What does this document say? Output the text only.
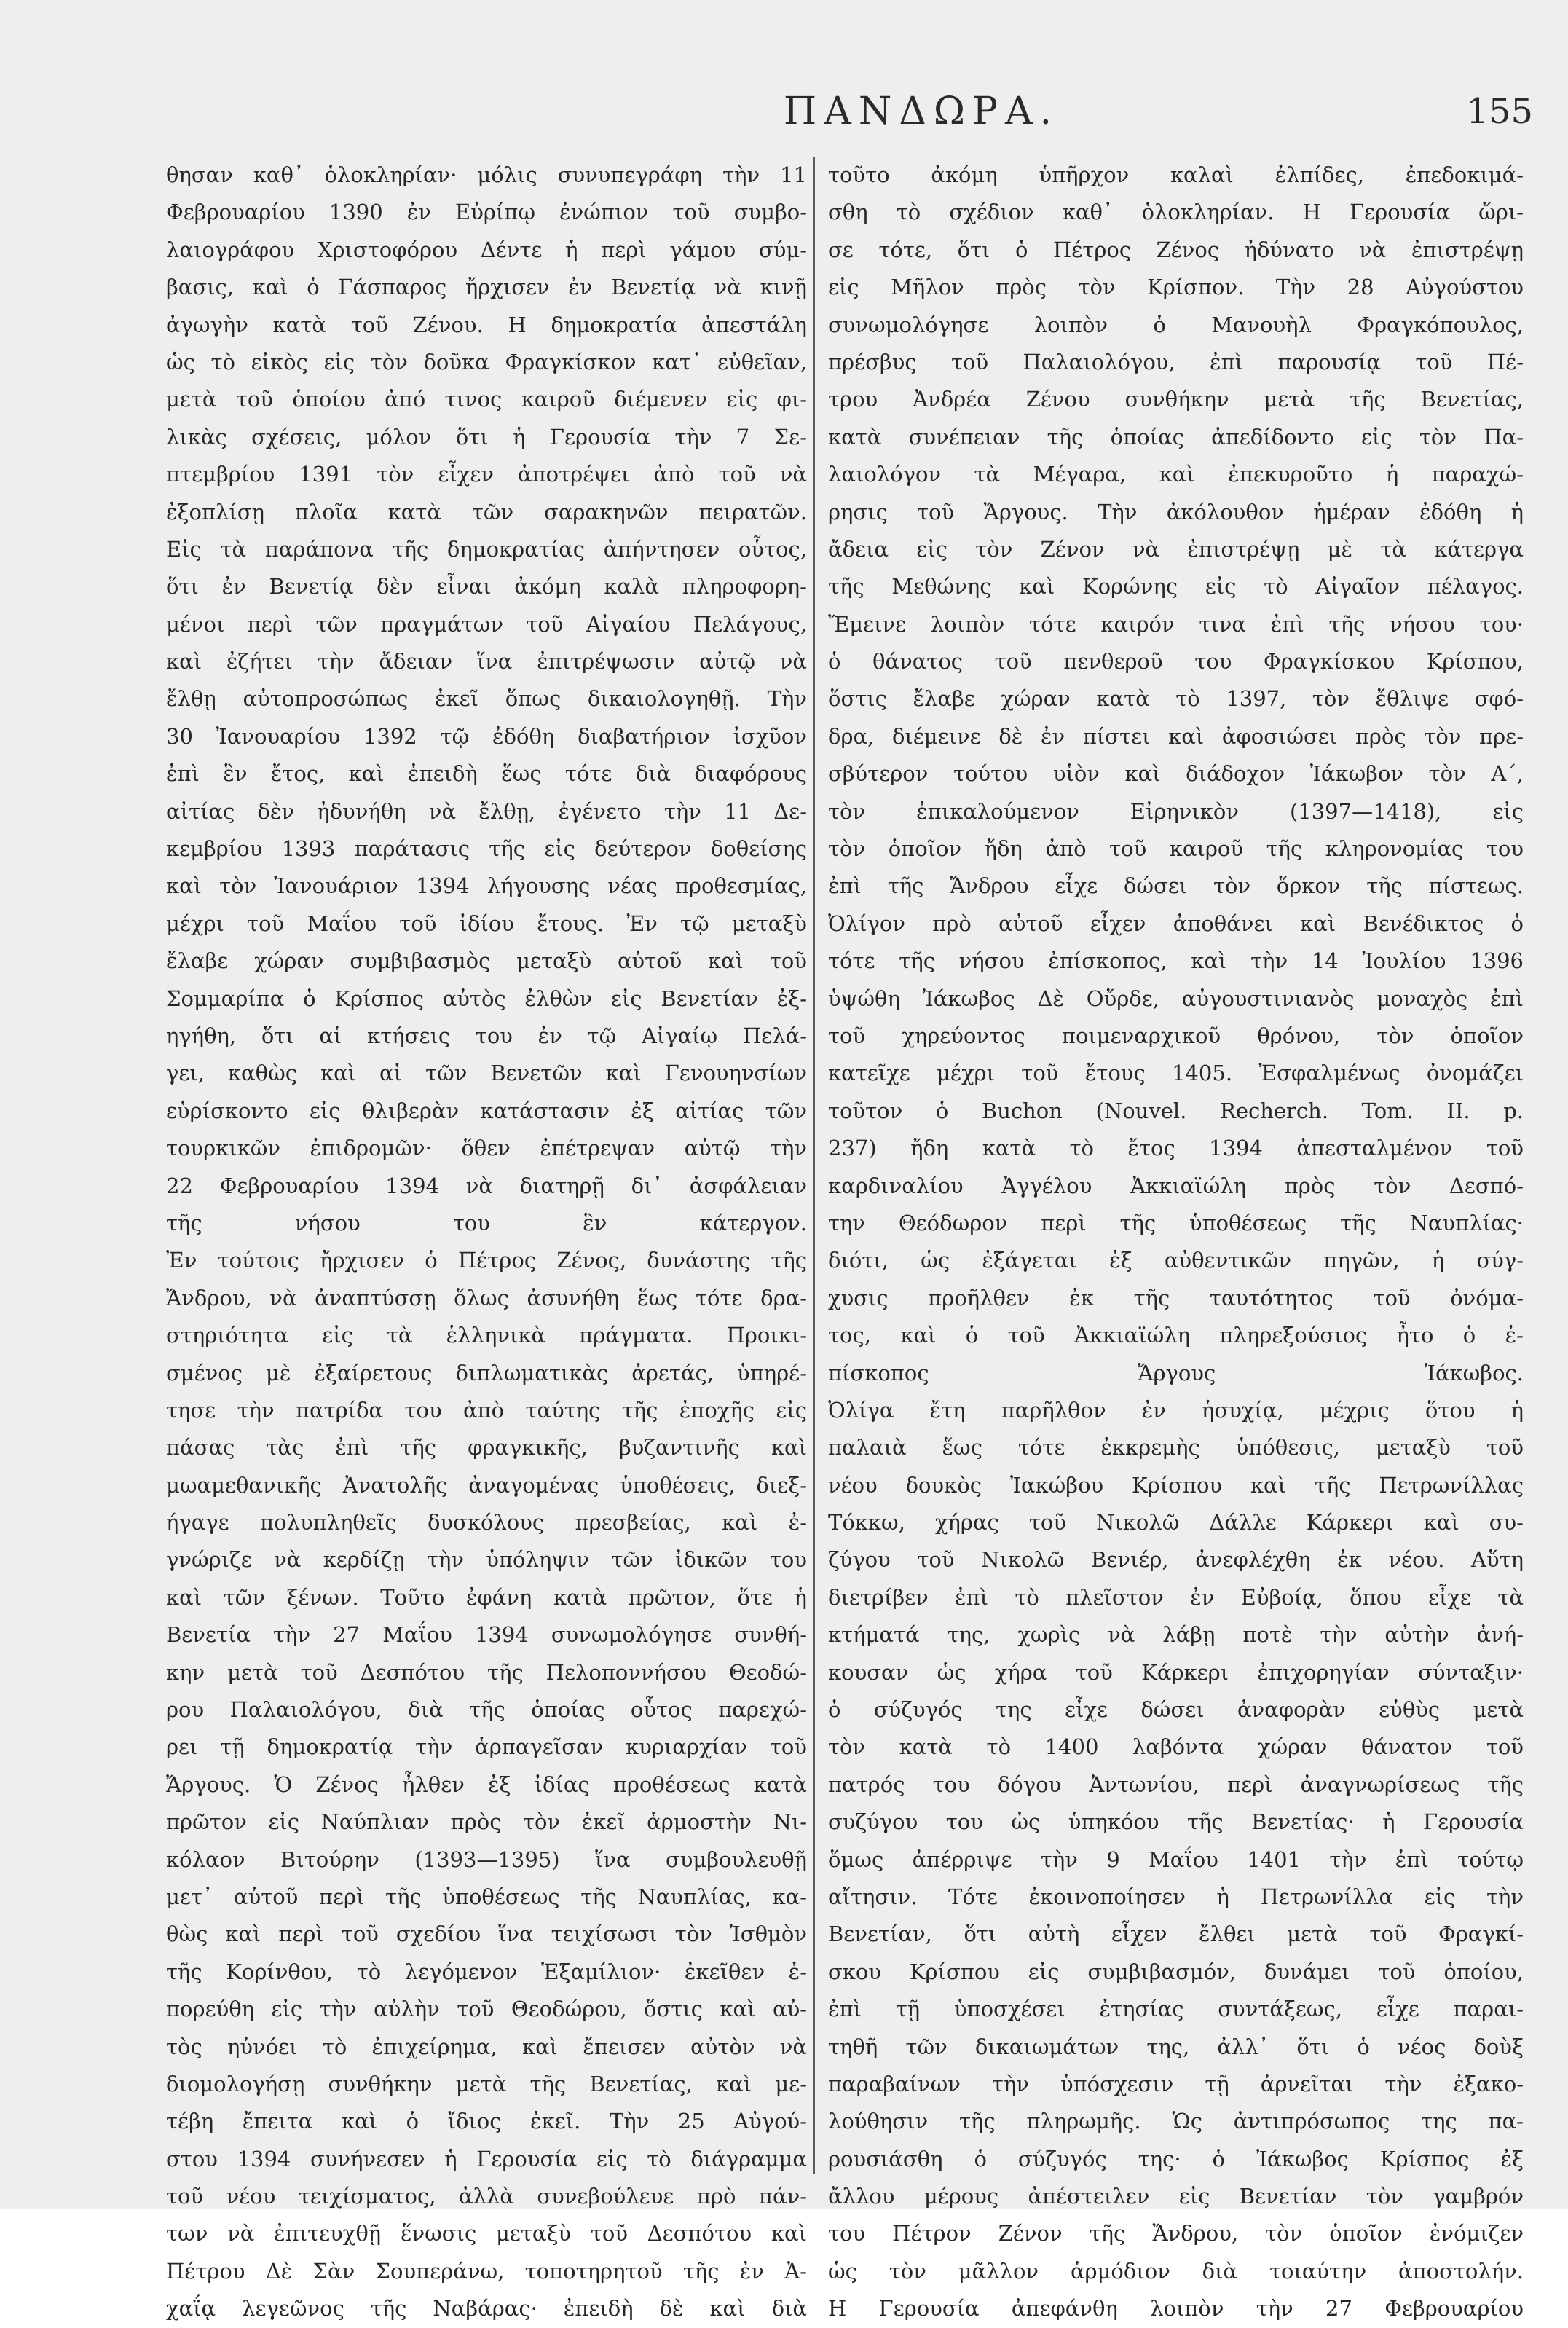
ΠΑΝΔΩΡΑ.	155
θησαν καθ᾽ ὁλοκληρίαν· μόλις συνυπεγράφη τὴν 11
Φεβρουαρίου 1390 ἐν Εὐρίπῳ ἐνώπιον τοῦ συμβο-
λαιογράφου Χριστοφόρου Δέντε ἡ περὶ γάμου σύμ-
βασις, καὶ ὁ Γάσπαρος ἤρχισεν ἐν Βενετίᾳ νὰ κινῇ
ἀγωγὴν κατὰ τοῦ Ζένου. Η δημοκρατία ἀπεστάλη
ὡς τὸ εἰκὸς εἰς τὸν δοῦκα Φραγκίσκον κατ᾽ εὐθεῖαν,
μετὰ τοῦ ὁποίου ἀπό τινος καιροῦ διέμενεν εἰς φι-
λικὰς σχέσεις, μόλον ὅτι ἡ Γερουσία τὴν 7 Σε-
πτεμβρίου 1391 τὸν εἶχεν ἀποτρέψει ἀπὸ τοῦ νὰ
ἐξοπλίσῃ πλοῖα κατὰ τῶν σαρακηνῶν πειρατῶν.
Εἰς τὰ παράπονα τῆς δημοκρατίας ἀπήντησεν οὗτος,
ὅτι ἐν Βενετίᾳ δὲν εἶναι ἀκόμη καλὰ πληροφορη-
μένοι περὶ τῶν πραγμάτων τοῦ Αἰγαίου Πελάγους,
καὶ ἐζήτει τὴν ἄδειαν ἵνα ἐπιτρέψωσιν αὐτῷ νὰ
ἔλθῃ αὐτοπροσώπως ἐκεῖ ὅπως δικαιολογηθῇ. Τὴν
30 Ἰανουαρίου 1392 τῷ ἐδόθη διαβατήριον ἰσχῦον
ἐπὶ ἓν ἔτος, καὶ ἐπειδὴ ἕως τότε διὰ διαφόρους
αἰτίας δὲν ἠδυνήθη νὰ ἔλθῃ, ἐγένετο τὴν 11 Δε-
κεμβρίου 1393 παράτασις τῆς εἰς δεύτερον δοθείσης
καὶ τὸν Ἰανουάριον 1394 λήγουσης νέας προθεσμίας,
μέχρι τοῦ Μαΐου τοῦ ἰδίου ἔτους. Ἐν τῷ μεταξὺ
ἔλαβε χώραν συμβιβασμὸς μεταξὺ αὐτοῦ καὶ τοῦ
Σομμαρίπα ὁ Κρίσπος αὐτὸς ἐλθὼν εἰς Βενετίαν ἐξ-
ηγήθη, ὅτι αἱ κτήσεις του ἐν τῷ Αἰγαίῳ Πελά-
γει, καθὼς καὶ αἱ τῶν Βενετῶν καὶ Γενουηνσίων
εὑρίσκοντο εἰς θλιβερὰν κατάστασιν ἐξ αἰτίας τῶν
τουρκικῶν ἐπιδρομῶν· ὅθεν ἐπέτρεψαν αὐτῷ τὴν
22 Φεβρουαρίου 1394 νὰ διατηρῇ δι᾽ ἀσφάλειαν
τῆς νήσου του ἓν κάτεργον.
Ἐν τούτοις ἤρχισεν ὁ Πέτρος Ζένος, δυνάστης τῆς
Ἄνδρου, νὰ ἀναπτύσσῃ ὅλως ἀσυνήθη ἕως τότε δρα-
στηριότητα εἰς τὰ ἑλληνικὰ πράγματα. Προικι-
σμένος μὲ ἐξαίρετους διπλωματικὰς ἀρετάς, ὑπηρέ-
τησε τὴν πατρίδα του ἀπὸ ταύτης τῆς ἐποχῆς εἰς
πάσας τὰς ἐπὶ τῆς φραγκικῆς, βυζαντινῆς καὶ
μωαμεθανικῆς Ἀνατολῆς ἀναγομένας ὑποθέσεις, διεξ-
ήγαγε πολυπληθεῖς δυσκόλους πρεσβείας, καὶ ἐ-
γνώριζε νὰ κερδίζῃ τὴν ὑπόληψιν τῶν ἰδικῶν του
καὶ τῶν ξένων. Τοῦτο ἐφάνη κατὰ πρῶτον, ὅτε ἡ
Βενετία τὴν 27 Μαΐου 1394 συνωμολόγησε συνθή-
κην μετὰ τοῦ Δεσπότου τῆς Πελοποννήσου Θεοδώ-
ρου Παλαιολόγου, διὰ τῆς ὁποίας οὗτος παρεχώ-
ρει τῇ δημοκρατίᾳ τὴν ἁρπαγεῖσαν κυριαρχίαν τοῦ
Ἄργους. Ὁ Ζένος ἦλθεν ἐξ ἰδίας προθέσεως κατὰ
πρῶτον εἰς Ναύπλιαν πρὸς τὸν ἐκεῖ ἁρμοστὴν Νι-
κόλαον Βιτούρην (1393—1395) ἵνα συμβουλευθῇ
μετ᾽ αὐτοῦ περὶ τῆς ὑποθέσεως τῆς Ναυπλίας, κα-
θὼς καὶ περὶ τοῦ σχεδίου ἵνα τειχίσωσι τὸν Ἰσθμὸν
τῆς Κορίνθου, τὸ λεγόμενον Ἑξαμίλιον· ἐκεῖθεν ἐ-
πορεύθη εἰς τὴν αὐλὴν τοῦ Θεοδώρου, ὅστις καὶ αὐ-
τὸς ηὐνόει τὸ ἐπιχείρημα, καὶ ἔπεισεν αὐτὸν νὰ
διομολογήσῃ συνθήκην μετὰ τῆς Βενετίας, καὶ με-
τέβη ἔπειτα καὶ ὁ ἴδιος ἐκεῖ. Τὴν 25 Αὐγού-
στου 1394 συνήνεσεν ἡ Γερουσία εἰς τὸ διάγραμμα
τοῦ νέου τειχίσματος, ἀλλὰ συνεβούλευε πρὸ πάν-
των νὰ ἐπιτευχθῇ ἕνωσις μεταξὺ τοῦ Δεσπότου καὶ
Πέτρου Δὲ Σὰν Σουπεράνω, τοποτηρητοῦ τῆς ἐν Ἀ-
χαΐᾳ λεγεῶνος τῆς Ναβάρας· ἐπειδὴ δὲ καὶ διὰ
τοῦτο ἀκόμη ὑπῆρχον καλαὶ ἐλπίδες, ἐπεδοκιμά-
σθη τὸ σχέδιον καθ᾽ ὁλοκληρίαν. Η Γερουσία ὥρι-
σε τότε, ὅτι ὁ Πέτρος Ζένος ἠδύνατο νὰ ἐπιστρέψῃ
εἰς Μῆλον πρὸς τὸν Κρίσπον. Τὴν 28 Αὐγούστου
συνωμολόγησε λοιπὸν ὁ Μανουὴλ Φραγκόπουλος,
πρέσβυς τοῦ Παλαιολόγου, ἐπὶ παρουσίᾳ τοῦ Πέ-
τρου Ἀνδρέα Ζένου συνθήκην μετὰ τῆς Βενετίας,
κατὰ συνέπειαν τῆς ὁποίας ἀπεδίδοντο εἰς τὸν Πα-
λαιολόγον τὰ Μέγαρα, καὶ ἐπεκυροῦτο ἡ παραχώ-
ρησις τοῦ Ἄργους. Τὴν ἀκόλουθον ἡμέραν ἐδόθη ἡ
ἄδεια εἰς τὸν Ζένον νὰ ἐπιστρέψῃ μὲ τὰ κάτεργα
τῆς Μεθώνης καὶ Κορώνης εἰς τὸ Αἰγαῖον πέλαγος.
Ἔμεινε λοιπὸν τότε καιρόν τινα ἐπὶ τῆς νήσου του·
ὁ θάνατος τοῦ πενθεροῦ του Φραγκίσκου Κρίσπου,
ὅστις ἔλαβε χώραν κατὰ τὸ 1397, τὸν ἔθλιψε σφό-
δρα, διέμεινε δὲ ἐν πίστει καὶ ἀφοσιώσει πρὸς τὸν πρε-
σβύτερον τούτου υἱὸν καὶ διάδοχον Ἰάκωβον τὸν Α΄,
τὸν ἐπικαλούμενον Εἰρηνικὸν (1397—1418), εἰς
τὸν ὁποῖον ἤδη ἀπὸ τοῦ καιροῦ τῆς κληρονομίας του
ἐπὶ τῆς Ἄνδρου εἶχε δώσει τὸν ὅρκον τῆς πίστεως.
Ὀλίγον πρὸ αὐτοῦ εἶχεν ἀποθάνει καὶ Βενέδικτος ὁ
τότε τῆς νήσου ἐπίσκοπος, καὶ τὴν 14 Ἰουλίου 1396
ὑψώθη Ἰάκωβος Δὲ Οὔρδε, αὐγουστινιανὸς μοναχὸς ἐπὶ
τοῦ χηρεύοντος ποιμεναρχικοῦ θρόνου, τὸν ὁποῖον
κατεῖχε μέχρι τοῦ ἔτους 1405. Ἐσφαλμένως ὀνομάζει
τοῦτον ὁ Buchon (Nouvel. Recherch. Tom. II. p.
237) ἤδη κατὰ τὸ ἔτος 1394 ἀπεσταλμένον τοῦ
καρδιναλίου Ἀγγέλου Ἀκκιαϊώλη πρὸς τὸν Δεσπό-
την Θεόδωρον περὶ τῆς ὑποθέσεως τῆς Ναυπλίας·
διότι, ὡς ἐξάγεται ἐξ αὐθεντικῶν πηγῶν, ἡ σύγ-
χυσις προῆλθεν ἐκ τῆς ταυτότητος τοῦ ὀνόμα-
τος, καὶ ὁ τοῦ Ἀκκιαϊώλη πληρεξούσιος ἦτο ὁ ἐ-
πίσκοπος Ἄργους Ἰάκωβος.
Ὀλίγα ἔτη παρῆλθον ἐν ἡσυχίᾳ, μέχρις ὅτου ἡ
παλαιὰ ἕως τότε ἐκκρεμὴς ὑπόθεσις, μεταξὺ τοῦ
νέου δουκὸς Ἰακώβου Κρίσπου καὶ τῆς Πετρωνίλλας
Τόκκω, χήρας τοῦ Νικολῶ Δάλλε Κάρκερι καὶ συ-
ζύγου τοῦ Νικολῶ Βενιέρ, ἀνεφλέχθη ἐκ νέου. Αὕτη
διετρίβεν ἐπὶ τὸ πλεῖστον ἐν Εὐβοίᾳ, ὅπου εἶχε τὰ
κτήματά της, χωρὶς νὰ λάβῃ ποτὲ τὴν αὐτὴν ἀνή-
κουσαν ὡς χήρα τοῦ Κάρκερι ἐπιχορηγίαν σύνταξιν·
ὁ σύζυγός της εἶχε δώσει ἀναφορὰν εὐθὺς μετὰ
τὸν κατὰ τὸ 1400 λαβόντα χώραν θάνατον τοῦ
πατρός του δόγου Ἀντωνίου, περὶ ἀναγνωρίσεως τῆς
συζύγου του ὡς ὑπηκόου τῆς Βενετίας· ἡ Γερουσία
ὅμως ἀπέρριψε τὴν 9 Μαΐου 1401 τὴν ἐπὶ τούτῳ
αἴτησιν. Τότε ἐκοινοποίησεν ἡ Πετρωνίλλα εἰς τὴν
Βενετίαν, ὅτι αὐτὴ εἶχεν ἔλθει μετὰ τοῦ Φραγκί-
σκου Κρίσπου εἰς συμβιβασμόν, δυνάμει τοῦ ὁποίου,
ἐπὶ τῇ ὑποσχέσει ἐτησίας συντάξεως, εἶχε παραι-
τηθῆ τῶν δικαιωμάτων της, ἀλλ᾽ ὅτι ὁ νέος δοὺξ
παραβαίνων τὴν ὑπόσχεσιν τῇ ἀρνεῖται τὴν ἐξακο-
λούθησιν τῆς πληρωμῆς. Ὡς ἀντιπρόσωπος της πα-
ρουσιάσθη ὁ σύζυγός της· ὁ Ἰάκωβος Κρίσπος ἐξ
ἄλλου μέρους ἀπέστειλεν εἰς Βενετίαν τὸν γαμβρόν
του Πέτρον Ζένον τῆς Ἄνδρου, τὸν ὁποῖον ἐνόμιζεν
ὡς τὸν μᾶλλον ἁρμόδιον διὰ τοιαύτην ἀποστολήν.
Η Γερουσία ἀπεφάνθη λοιπὸν τὴν 27 Φεβρουαρίου
